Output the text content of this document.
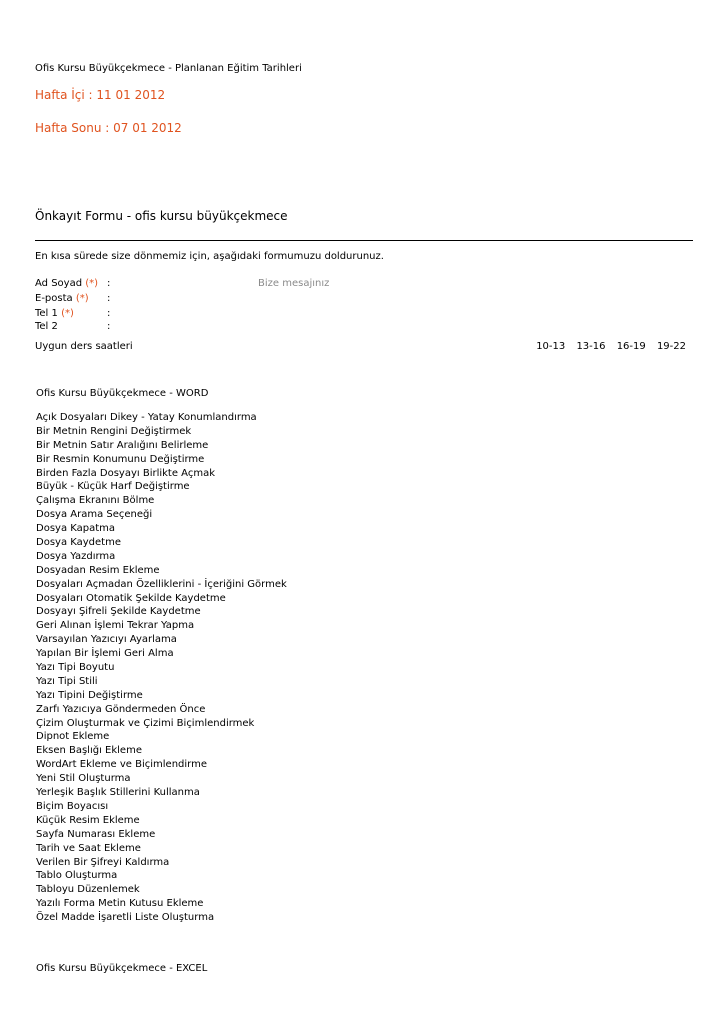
Ofis Kursu Büyükçekmece - Planlanan Eğitim Tarihleri
Hafta İçi : 11 01 2012
Hafta Sonu : 07 01 2012
Önkayıt Formu - ofis kursu büyükçekmece
En kısa sürede size dönmemiz için, aşağıdaki formumuzu doldurunuz.
Ad Soyad (*) :	Bize mesajınız
E-posta (*) :
Tel 1 (*)	:
Tel 2	:
Uygun ders saatleri	10-13 13-16 16-19 19-22
Ofis Kursu Büyükçekmece - WORD
Açık Dosyaları Dikey - Yatay Konumlandırma
Bir Metnin Rengini Değiştirmek
Bir Metnin Satır Aralığını Belirleme
Bir Resmin Konumunu Değiştirme
Birden Fazla Dosyayı Birlikte Açmak
Büyük - Küçük Harf Değiştirme
Çalışma Ekranını Bölme
Dosya Arama Seçeneği
Dosya Kapatma
Dosya Kaydetme
Dosya Yazdırma
Dosyadan Resim Ekleme
Dosyaları Açmadan Özelliklerini - İçeriğini Görmek
Dosyaları Otomatik Şekilde Kaydetme
Dosyayı Şifreli Şekilde Kaydetme
Geri Alınan İşlemi Tekrar Yapma
Varsayılan Yazıcıyı Ayarlama
Yapılan Bir İşlemi Geri Alma
Yazı Tipi Boyutu
Yazı Tipi Stili
Yazı Tipini Değiştirme
Zarfı Yazıcıya Göndermeden Önce
Çizim Oluşturmak ve Çizimi Biçimlendirmek
Dipnot Ekleme
Eksen Başlığı Ekleme
WordArt Ekleme ve Biçimlendirme
Yeni Stil Oluşturma
Yerleşik Başlık Stillerini Kullanma
Biçim Boyacısı
Küçük Resim Ekleme
Sayfa Numarası Ekleme
Tarih ve Saat Ekleme
Verilen Bir Şifreyi Kaldırma
Tablo Oluşturma
Tabloyu Düzenlemek
Yazılı Forma Metin Kutusu Ekleme
Özel Madde İşaretli Liste Oluşturma
Ofis Kursu Büyükçekmece - EXCEL
